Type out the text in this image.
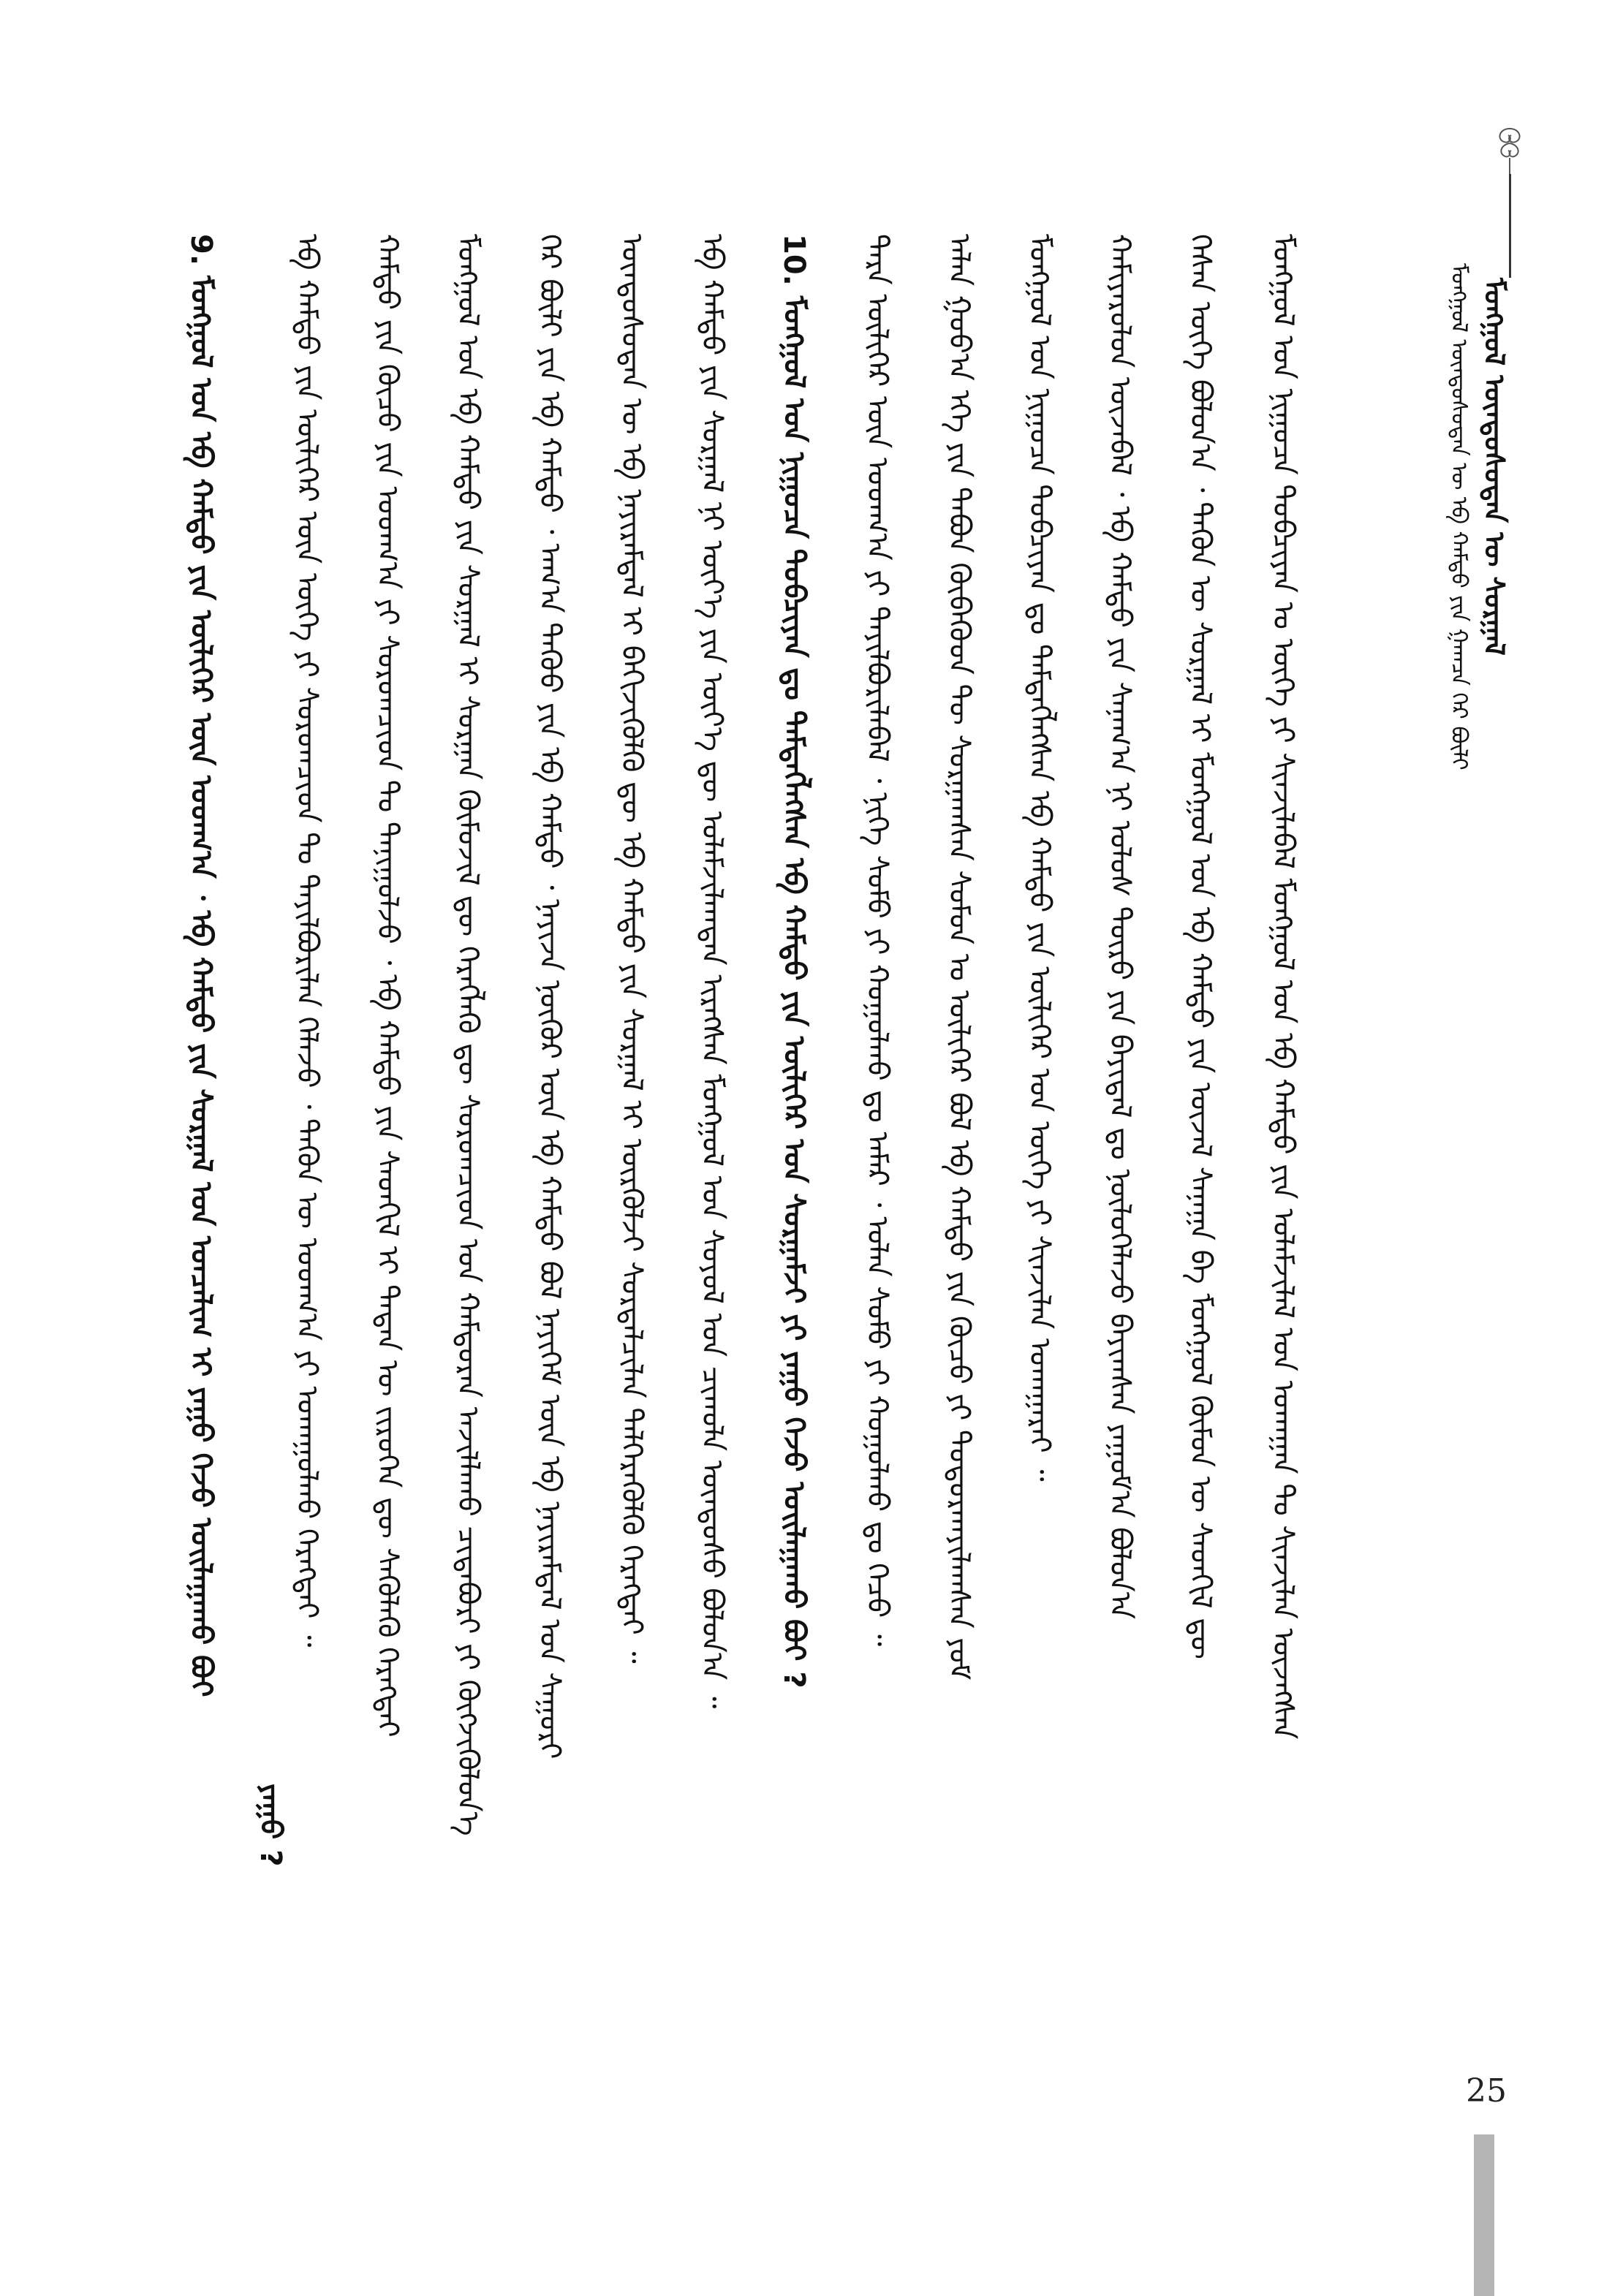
ᠮᠣᠩᠭᠣᠯ ᠦᠨᠳᠦᠰᠦᠲᠡᠨ ᠦ ᠰᠤᠷᠭᠠᠯ
ᠮᠣᠩᠭᠣᠯ ᠦᠨᠳᠦᠰᠦᠲᠡᠨ ᠦ ᠡᠪ ᠬᠠᠮᠲᠤ ᠶᠢᠨ ᠭᠠᠭᠴᠠ ᠭᠡᠷ ᠪᠦᠯᠢ
ᠮᠣᠩᠭᠣᠯ ᠤᠨ ᠨᠢᠭᠤᠴᠠ ᠲᠣᠪᠴᠢᠶᠠᠨ ᠤ ᠦᠭᠡ ᠶᠢ ᠰᠢᠨᠵᠢᠯᠡᠪᠡᠯ ᠮᠣᠩᠭᠣᠯ ᠤᠨ ᠡᠪ ᠬᠠᠮᠲᠤ ᠶᠢᠨ ᠤᠯᠠᠮᠵᠢᠯᠠᠯ ᠤᠨ ᠤᠬᠠᠭᠠᠨ ᠲᠤ ᠰᠢᠨᠵᠢᠯᠡᠨ ᠦᠵᠡᠭᠰᠡᠨ
ᠭᠡᠰᠡᠨ ᠦᠭᠡ ᠪᠣᠯᠤᠨ᠎ᠠ ᠂ ᠲᠡᠭᠦᠨ ᠦ ᠰᠤᠷᠭᠠᠯ ᠢ ᠮᠣᠩᠭᠣᠯ ᠤᠨ ᠡᠪ ᠬᠠᠮᠲᠤ ᠶᠢᠨ ᠦᠵᠡᠯ ᠰᠠᠨᠠᠭᠠ ᠪᠠ ᠮᠣᠩᠭᠣᠯ ᠬᠦᠮᠦᠨ ᠦ ᠰᠡᠳᠬᠢᠯ ᠳᠦ
ᠬᠠᠮᠢᠶᠠᠷᠤᠯᠤᠨ ᠦᠵᠡᠪᠡᠯ ᠂ ᠡᠪ ᠬᠠᠮᠲᠤ ᠶᠢᠨ ᠰᠠᠨᠠᠭ᠎ᠠ ᠨᠢ ᠤᠯᠤᠰ ᠲᠦᠷᠦ ᠶᠢᠨ ᠪᠠᠶᠢᠳᠠᠯ ᠳᠤ ᠨᠥᠯᠥᠭᠡᠯᠡᠵᠦ ᠪᠠᠶᠢᠭᠰᠠᠨ ᠶᠠᠭᠤᠮ᠎ᠠ ᠪᠣᠯᠤᠨ᠎ᠠ
ᠮᠣᠩᠭᠣᠯ ᠤᠨ ᠨᠢᠭᠤᠴᠠ ᠲᠣᠪᠴᠢᠶᠠᠨ ᠳᠤ ᠲᠡᠮᠳᠡᠭᠯᠡᠭᠰᠡᠨ ᠡᠪ ᠬᠠᠮᠲᠤ ᠶᠢᠨ ᠦᠯᠢᠭᠡᠷ ᠤᠨ ᠦᠭᠡ ᠶᠢ ᠰᠢᠨᠵᠢᠯᠡᠨ ᠤᠬᠠᠭᠠᠷᠠᠶ ᠃
ᠠᠯᠠᠨ ᠭᠣᠤ᠎ᠠ ᠡᠬᠡ ᠶᠢᠨ ᠲᠠᠪᠤᠨ ᠬᠦᠪᠡᠭᠦᠳ ᠲᠦ ᠰᠤᠷᠭᠠᠭᠰᠠᠨ ᠰᠤᠮᠤᠨ ᠤ ᠦᠯᠢᠭᠡᠷ ᠪᠣᠯ ᠡᠪ ᠬᠠᠮᠲᠤ ᠶᠢᠨ ᠬᠦᠴᠦ ᠶᠢ ᠲᠣᠳᠣᠷᠬᠠᠶᠢᠯᠠᠭᠰᠠᠨ ᠶᠤᠮ
ᠲᠡᠷᠡ ᠦᠯᠢᠭᠡᠷ ᠦᠨ ᠤᠳᠬ᠎ᠠ ᠶᠢ ᠲᠠᠶᠢᠯᠪᠤᠷᠢᠯᠠᠪᠠᠯ ᠂ ᠨᠢᠭᠡ ᠰᠤᠮᠤ ᠶᠢ ᠬᠤᠭᠤᠯᠬᠤ ᠳᠤ ᠠᠮᠠᠷ ᠂ ᠣᠯᠠᠨ ᠰᠤᠮᠤ ᠶᠢ ᠬᠤᠭᠤᠯᠬᠤ ᠳᠤ ᠬᠡᠴᠦ ᠃
10. ᠮᠣᠩᠭᠣᠯ ᠤᠨ ᠨᠢᠭᠤᠴᠠ ᠲᠣᠪᠴᠢᠶᠠᠨ ᠳᠤ ᠲᠡᠮᠳᠡᠭᠯᠡᠭᠰᠡᠨ ᠡᠪ ᠬᠠᠮᠲᠤ ᠶᠢᠨ ᠦᠯᠢᠭᠡᠷ ᠤᠨ ᠰᠤᠷᠭᠠᠮᠵᠢ ᠶᠢ ᠶᠠᠭᠤ ᠭᠡᠵᠦ ᠣᠢᠯᠠᠭᠠᠬᠤ ᠪᠤᠢ ?
ᠡᠪ ᠬᠠᠮᠲᠤ ᠶᠢᠨ ᠰᠤᠷᠭᠠᠯ ᠨᠢ ᠦᠶ᠎ᠡ ᠶᠢᠨ ᠦᠶ᠎ᠡ ᠳᠦ ᠤᠯᠠᠮᠵᠢᠯᠠᠭᠳᠠᠨ ᠢᠷᠡᠭᠰᠡᠨ ᠮᠣᠩᠭᠣᠯ ᠤᠨ ᠰᠣᠶᠣᠯ ᠤᠨ ᠴᠢᠬᠤᠯᠠ ᠦᠨᠳᠦᠰᠦ ᠪᠣᠯᠤᠨ᠎ᠠ ᠃
ᠦᠨᠳᠦᠰᠦᠲᠡᠨ ᠦ ᠡᠪ ᠨᠠᠶᠢᠷᠠᠮᠳᠠᠯ ᠢ ᠪᠡᠬᠢᠵᠢᠭᠦᠯᠬᠦ ᠳᠦ ᠡᠪ ᠬᠠᠮᠲᠤ ᠶᠢᠨ ᠰᠤᠷᠭᠠᠯ ᠢ ᠦᠷᠭᠦᠯᠵᠢ ᠰᠤᠷᠲᠠᠯᠴᠢᠯᠠᠨ ᠳᠡᠯᠭᠡᠷᠡᠭᠦᠯᠬᠦ ᠬᠡᠷᠡᠭᠲᠡᠶ ᠃
ᠭᠡᠷ ᠪᠦᠯᠢ ᠶᠢᠨ ᠡᠪ ᠬᠠᠮᠲᠤ ᠂ ᠠᠬ᠎ᠠ ᠳᠡᠭᠦᠦ ᠶᠢᠨ ᠡᠪ ᠬᠠᠮᠲᠤ ᠂ ᠨᠠᠶᠢᠵᠠ ᠨᠥᠬᠦᠷ ᠦᠨ ᠡᠪ ᠬᠠᠮᠲᠤ ᠪᠣᠯ ᠨᠡᠶᠢᠭᠡᠮ ᠦᠨ ᠡᠪ ᠨᠠᠶᠢᠷᠠᠮᠳᠠᠯ ᠤᠨ ᠰᠠᠭᠤᠷᠢ
ᠮᠣᠩᠭᠣᠯ ᠤᠨ ᠡᠪ ᠬᠠᠮᠲᠤ ᠶᠢᠨ ᠰᠤᠷᠭᠠᠯ ᠢ ᠰᠤᠷᠭᠠᠨ ᠬᠦᠮᠦᠵᠢᠯ ᠳᠦ ᠬᠡᠷᠡᠭᠯᠡᠬᠦ ᠳᠦ ᠰᠤᠷᠤᠭᠴᠢᠳ ᠤᠨ ᠬᠠᠮᠲᠤᠷᠠᠨ ᠠᠵᠢᠯᠯᠠᠬᠤ ᠴᠢᠳᠠᠪᠤᠷᠢ ᠶᠢ ᠬᠥᠭᠵᠢᠭᠦᠯᠦᠨ᠎ᠡ
ᠬᠠᠮᠲᠤ ᠶᠢᠨ ᠬᠦᠴᠦ ᠶᠢᠨ ᠤᠳᠬ᠎ᠠ ᠶᠢ ᠰᠤᠷᠤᠭᠴᠢᠳ ᠲᠤ ᠲᠠᠨᠢᠭᠤᠯᠵᠤ ᠂ ᠡᠪ ᠬᠠᠮᠲᠤ ᠶᠢᠨ ᠰᠡᠳᠬᠢᠯ ᠢ ᠲᠡᠳᠡᠨ ᠦ ᠵᠢᠷᠦᠬᠡᠨ ᠳᠦ ᠰᠡᠭᠦᠯᠡᠬᠦ ᠬᠡᠷᠡᠭᠲᠡᠶ
ᠡᠪ ᠬᠠᠮᠲᠤ ᠶᠢᠨ ᠦᠯᠢᠭᠡᠷ ᠦᠨ ᠦᠭᠡ ᠶᠢ ᠰᠤᠷᠤᠭᠴᠢᠳ ᠲᠤ ᠲᠠᠶᠢᠯᠪᠤᠷᠢᠯᠠᠨ ᠬᠡᠯᠡᠵᠦ ᠂ ᠲᠡᠭᠦᠨ ᠦ ᠤᠳᠬ᠎ᠠ ᠶᠢ ᠤᠬᠠᠭᠤᠯᠬᠤ ᠬᠡᠷᠡᠭᠲᠡᠶ ᠃
ᠶᠠᠭᠤ ?
9. ᠮᠣᠩᠭᠣᠯ ᠤᠨ ᠡᠪ ᠬᠠᠮᠲᠤ ᠶᠢᠨ ᠦᠯᠢᠭᠡᠷ ᠦᠨ ᠤᠳᠬ᠎ᠠ ᠂ ᠡᠪ ᠬᠠᠮᠲᠤ ᠶᠢᠨ ᠰᠤᠷᠭᠠᠯ ᠤᠨ ᠣᠨᠴᠠᠯᠢᠭ ᠢ ᠶᠠᠭᠤ ᠭᠡᠵᠦ ᠣᠢᠯᠠᠭᠠᠬᠤ ᠪᠤᠢ
25
